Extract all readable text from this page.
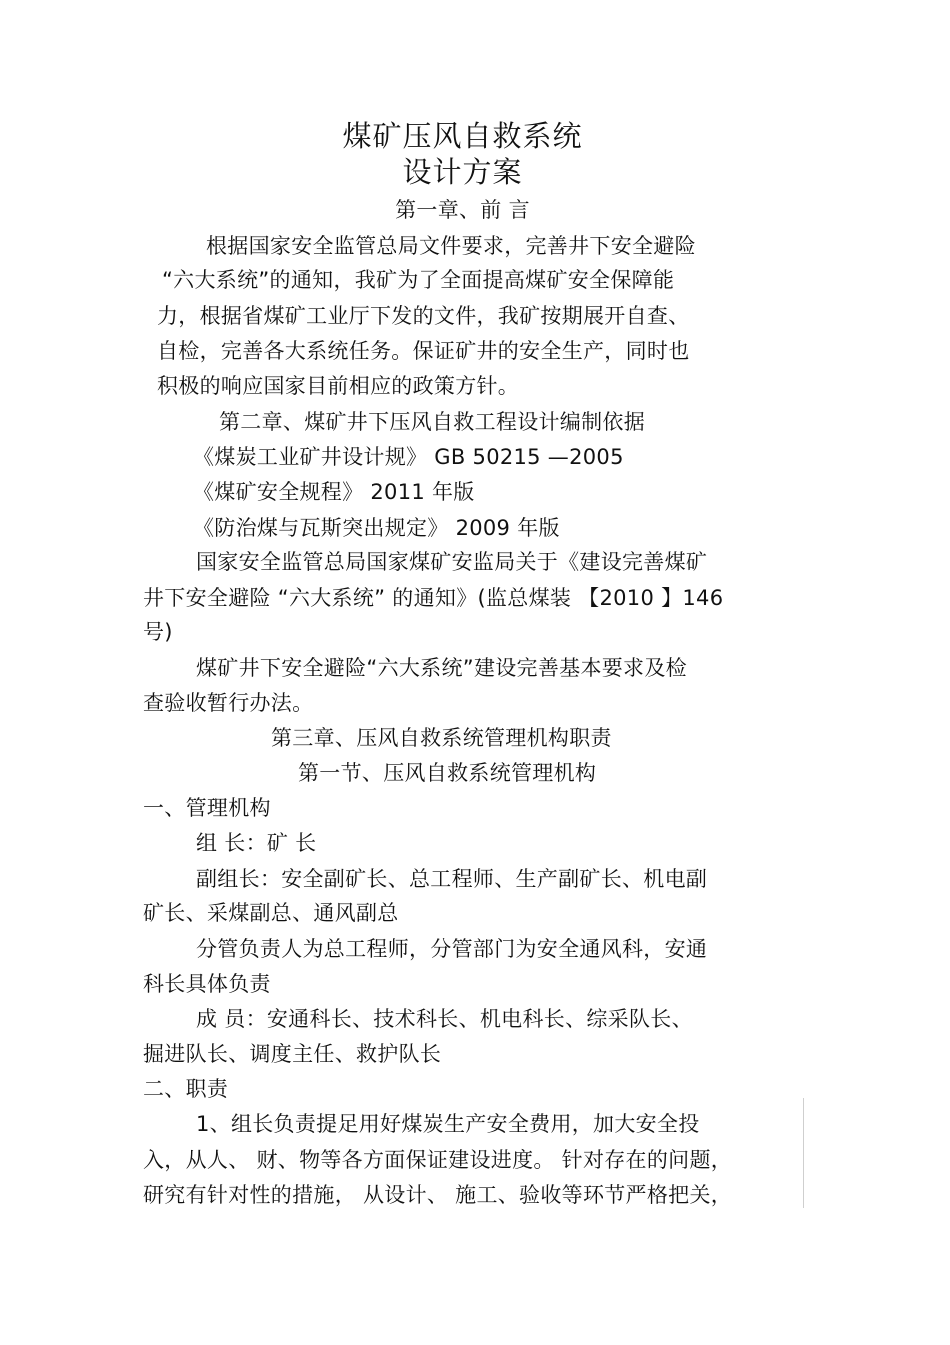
煤矿压风自救系统
设计方案
第一章、前 言
根据国家安全监管总局文件要求，完善井下安全避险
“六大系统”的通知，我矿为了全面提高煤矿安全保障能
力，根据省煤矿工业厅下发的文件，我矿按期展开自查、
自检，完善各大系统任务。保证矿井的安全生产，同时也
积极的响应国家目前相应的政策方针。
第二章、煤矿井下压风自救工程设计编制依据
《煤炭工业矿井设计规》 GB 50215 —2005
《煤矿安全规程》 2011 年版
《防治煤与瓦斯突出规定》 2009 年版
国家安全监管总局国家煤矿安监局关于《建设完善煤矿
井下安全避险 “六大系统” 的通知》(监总煤装 【2010 】146
号)
煤矿井下安全避险“六大系统”建设完善基本要求及检
查验收暂行办法。
第三章、压风自救系统管理机构职责
第一节、压风自救系统管理机构
一、管理机构
组 长：矿 长
副组长：安全副矿长、总工程师、生产副矿长、机电副
矿长、采煤副总、通风副总
分管负责人为总工程师，分管部门为安全通风科，安通
科长具体负责
成 员：安通科长、技术科长、机电科长、综采队长、
掘进队长、调度主任、救护队长
二、职责
1、组长负责提足用好煤炭生产安全费用，加大安全投
入，从人、 财、物等各方面保证建设进度。 针对存在的问题，
研究有针对性的措施， 从设计、 施工、验收等环节严格把关，
